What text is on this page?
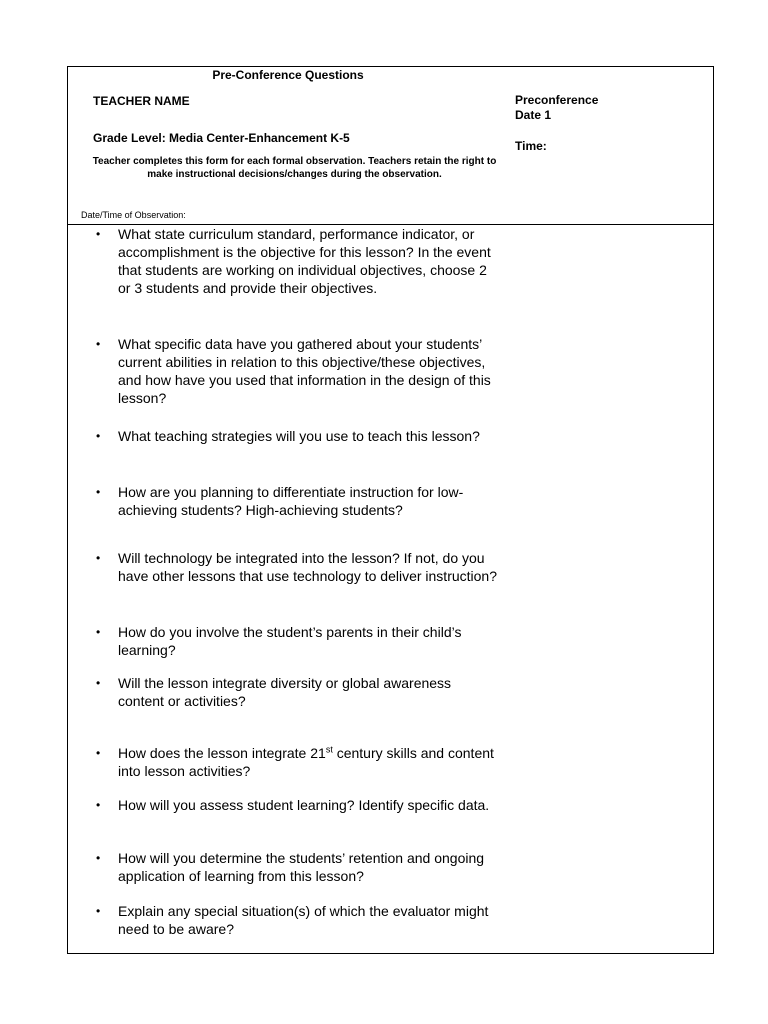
Pre-Conference Questions
TEACHER NAME
Grade Level: Media Center-Enhancement K-5
Teacher completes this form for each formal observation. Teachers retain the right to make instructional decisions/changes during the observation.
Date/Time of Observation:
Preconference
Date 1
Time:
• What state curriculum standard, performance indicator, or accomplishment is the objective for this lesson? In the event that students are working on individual objectives, choose 2 or 3 students and provide their objectives.
• What specific data have you gathered about your students’ current abilities in relation to this objective/these objectives, and how have you used that information in the design of this lesson?
• What teaching strategies will you use to teach this lesson?
• How are you planning to differentiate instruction for low-achieving students? High-achieving students?
• Will technology be integrated into the lesson? If not, do you have other lessons that use technology to deliver instruction?
• How do you involve the student’s parents in their child’s learning?
• Will the lesson integrate diversity or global awareness content or activities?
• How does the lesson integrate 21st century skills and content into lesson activities?
• How will you assess student learning? Identify specific data.
• How will you determine the students’ retention and ongoing application of learning from this lesson?
• Explain any special situation(s) of which the evaluator might need to be aware?
